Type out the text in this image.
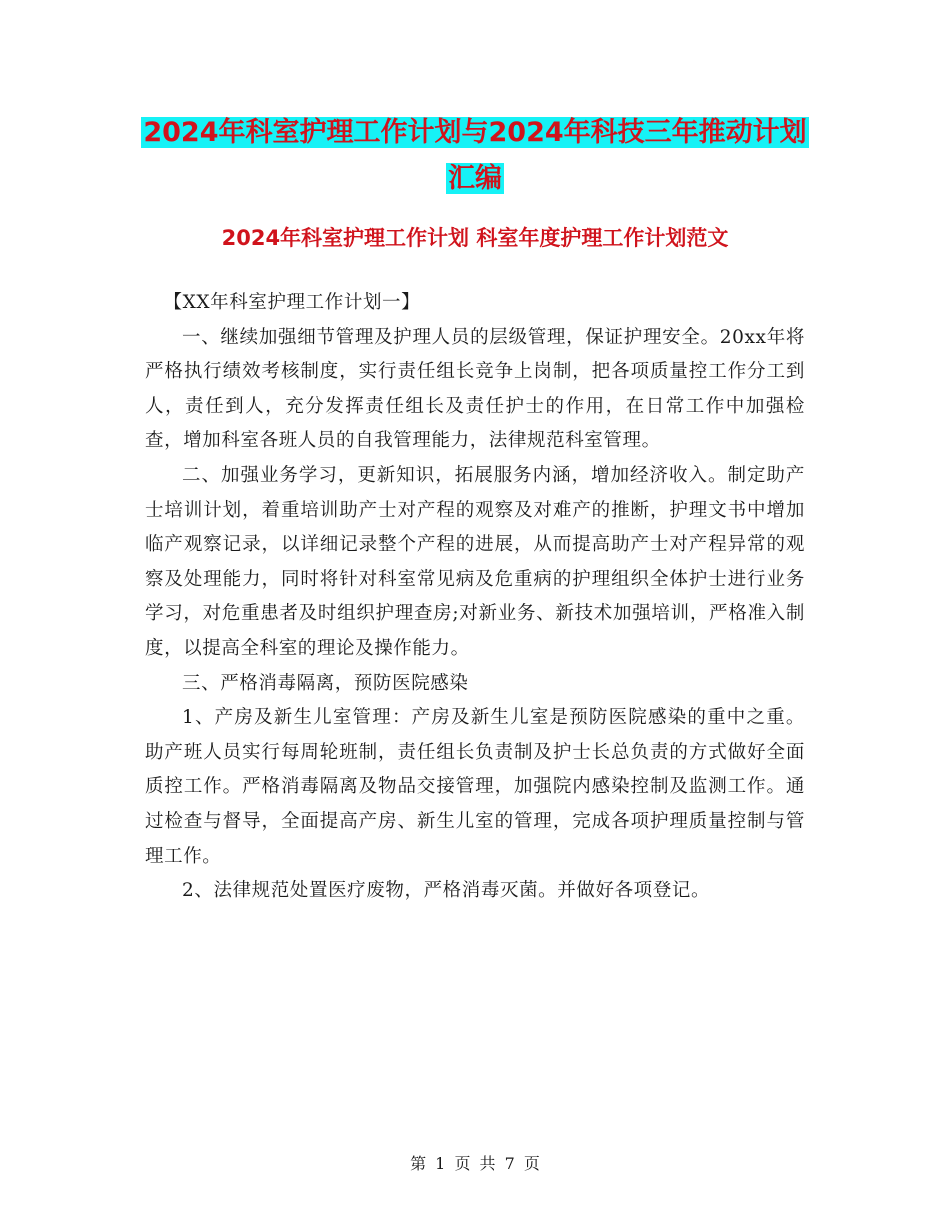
2024年科室护理工作计划与2024年科技三年推动计划
汇编
2024年科室护理工作计划 科室年度护理工作计划范文

【XX年科室护理工作计划一】

一、继续加强细节管理及护理人员的层级管理，保证护理安全。20xx年将严格执行绩效考核制度，实行责任组长竞争上岗制，把各项质量控工作分工到人，责任到人，充分发挥责任组长及责任护士的作用，在日常工作中加强检查，增加科室各班人员的自我管理能力，法律规范科室管理。

二、加强业务学习，更新知识，拓展服务内涵，增加经济收入。制定助产士培训计划，着重培训助产士对产程的观察及对难产的推断，护理文书中增加临产观察记录，以详细记录整个产程的进展，从而提高助产士对产程异常的观察及处理能力，同时将针对科室常见病及危重病的护理组织全体护士进行业务学习，对危重患者及时组织护理查房;对新业务、新技术加强培训，严格准入制度，以提高全科室的理论及操作能力。

三、严格消毒隔离，预防医院感染

1、产房及新生儿室管理：产房及新生儿室是预防医院感染的重中之重。助产班人员实行每周轮班制，责任组长负责制及护士长总负责的方式做好全面质控工作。严格消毒隔离及物品交接管理，加强院内感染控制及监测工作。通过检查与督导，全面提高产房、新生儿室的管理，完成各项护理质量控制与管理工作。

2、法律规范处置医疗废物，严格消毒灭菌。并做好各项登记。

第 1 页 共 7 页
